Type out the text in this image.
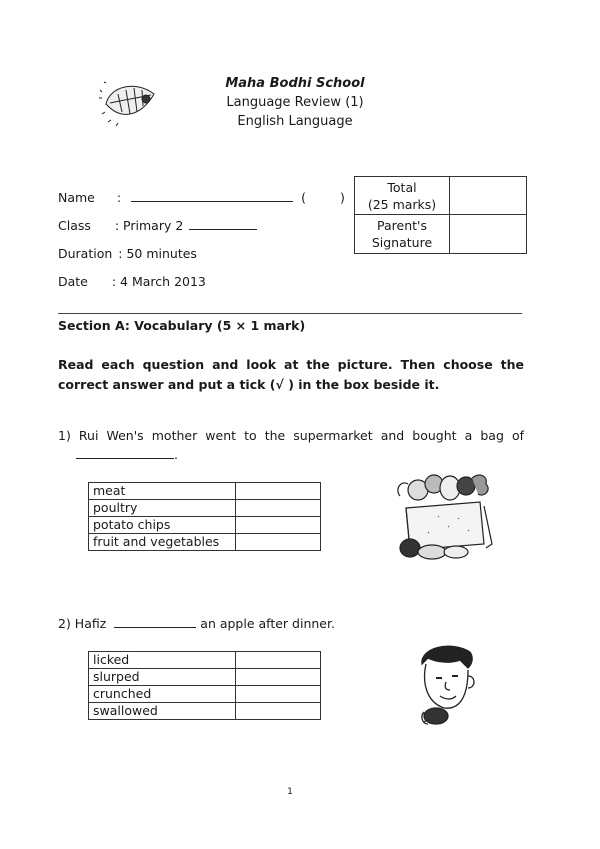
Maha Bodhi School
Language Review (1)
English Language
Name :	(	)
Class : Primary 2
Duration : 50 minutes
Date : 4 March 2013
Total
(25 marks)	

Parent's
Signature	

Section A: Vocabulary (5 × 1 mark)
Read each question and look at the picture. Then choose the correct answer and put a tick (√ ) in the box beside it.
1) Rui Wen's mother went to the supermarket and bought a bag of
.
meat	
poultry	
potato chips	
fruit and vegetables	
2) Hafiz	an apple after dinner.
licked	
slurped	
crunched	
swallowed	
1
